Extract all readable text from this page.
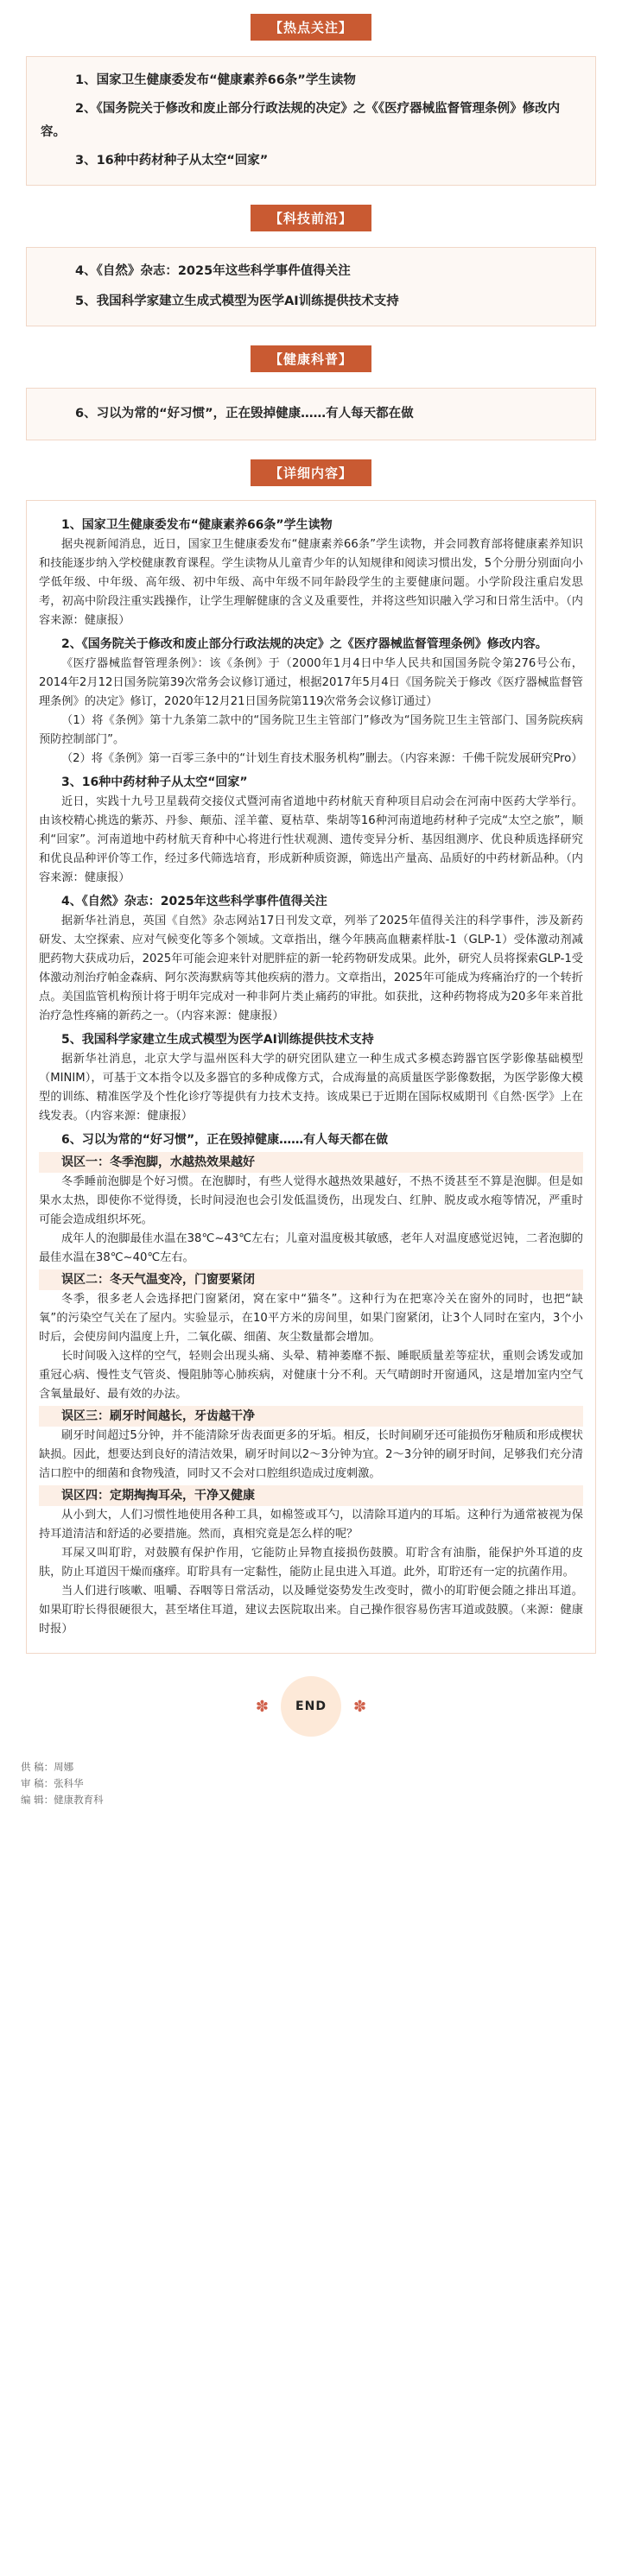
【热点关注】
1、国家卫生健康委发布“健康素养66条”学生读物
2、《国务院关于修改和废止部分行政法规的决定》之《《医疗器械监督管理条例》修改内容。
3、16种中药材种子从太空“回家”
【科技前沿】
4、《自然》杂志：2025年这些科学事件值得关注
5、我国科学家建立生成式模型为医学AI训练提供技术支持
【健康科普】
6、习以为常的“好习惯”，正在毁掉健康……有人每天都在做
【详细内容】

1、国家卫生健康委发布“健康素养66条”学生读物

据央视新闻消息，近日，国家卫生健康委发布“健康素养66条”学生读物，并会同教育部将健康素养知识和技能逐步纳入学校健康教育课程。学生读物从儿童青少年的认知规律和阅读习惯出发，5个分册分别面向小学低年级、中年级、高年级、初中年级、高中年级不同年龄段学生的主要健康问题。小学阶段注重启发思考，初高中阶段注重实践操作，让学生理解健康的含义及重要性，并将这些知识融入学习和日常生活中。（内容来源：健康报）

2、《国务院关于修改和废止部分行政法规的决定》之《医疗器械监督管理条例》修改内容。

《医疗器械监督管理条例》：该《条例》于（2000年1月4日中华人民共和国国务院令第276号公布，2014年2月12日国务院第39次常务会议修订通过，根据2017年5月4日《国务院关于修改《医疗器械监督管理条例》的决定》修订，2020年12月21日国务院第119次常务会议修订通过）

（1）将《条例》第十九条第二款中的“国务院卫生主管部门”修改为“国务院卫生主管部门、国务院疾病预防控制部门”。

（2）将《条例》第一百零三条中的“计划生育技术服务机构”删去。（内容来源：千佛千院发展研究Pro）

3、16种中药材种子从太空“回家”

近日，实践十九号卫星载荷交接仪式暨河南省道地中药材航天育种项目启动会在河南中医药大学举行。由该校精心挑选的紫苏、丹参、颠茄、淫羊藿、夏枯草、柴胡等16种河南道地药材种子完成“太空之旅”，顺利“回家”。河南道地中药材航天育种中心将进行性状观测、遗传变异分析、基因组测序、优良种质选择研究和优良品种评价等工作，经过多代筛选培育，形成新种质资源，筛选出产量高、品质好的中药材新品种。（内容来源：健康报）

4、《自然》杂志：2025年这些科学事件值得关注

据新华社消息，英国《自然》杂志网站17日刊发文章，列举了2025年值得关注的科学事件，涉及新药研发、太空探索、应对气候变化等多个领域。文章指出，继今年胰高血糖素样肽-1（GLP-1）受体激动剂减肥药物大获成功后，2025年可能会迎来针对肥胖症的新一轮药物研发成果。此外，研究人员将探索GLP-1受体激动剂治疗帕金森病、阿尔茨海默病等其他疾病的潜力。文章指出，2025年可能成为疼痛治疗的一个转折点。美国监管机构预计将于明年完成对一种非阿片类止痛药的审批。如获批，这种药物将成为20多年来首批治疗急性疼痛的新药之一。（内容来源：健康报）

5、我国科学家建立生成式模型为医学AI训练提供技术支持

据新华社消息，北京大学与温州医科大学的研究团队建立一种生成式多模态跨器官医学影像基础模型（MINIM），可基于文本指令以及多器官的多种成像方式，合成海量的高质量医学影像数据，为医学影像大模型的训练、精准医学及个性化诊疗等提供有力技术支持。该成果已于近期在国际权威期刊《自然·医学》上在线发表。（内容来源：健康报）

6、习以为常的“好习惯”，正在毁掉健康……有人每天都在做

误区一：冬季泡脚，水越热效果越好

冬季睡前泡脚是个好习惯。在泡脚时，有些人觉得水越热效果越好，不热不烫甚至不算是泡脚。但是如果水太热，即使你不觉得烫，长时间浸泡也会引发低温烫伤，出现发白、红肿、脱皮或水疱等情况，严重时可能会造成组织坏死。

成年人的泡脚最佳水温在38℃~43℃左右；儿童对温度极其敏感，老年人对温度感觉迟钝，二者泡脚的最佳水温在38℃~40℃左右。

误区二：冬天气温变冷，门窗要紧闭

冬季，很多老人会选择把门窗紧闭，窝在家中“猫冬”。这种行为在把寒冷关在窗外的同时，也把“缺氧”的污染空气关在了屋内。实验显示，在10平方米的房间里，如果门窗紧闭，让3个人同时在室内，3个小时后，会使房间内温度上升，二氧化碳、细菌、灰尘数量都会增加。

长时间吸入这样的空气，轻则会出现头痛、头晕、精神萎靡不振、睡眠质量差等症状，重则会诱发或加重冠心病、慢性支气管炎、慢阻肺等心肺疾病，对健康十分不利。天气晴朗时开窗通风，这是增加室内空气含氧量最好、最有效的办法。

误区三：刷牙时间越长，牙齿越干净

刷牙时间超过5分钟，并不能清除牙齿表面更多的牙垢。相反，长时间刷牙还可能损伤牙釉质和形成楔状缺损。因此，想要达到良好的清洁效果，刷牙时间以2～3分钟为宜。2～3分钟的刷牙时间，足够我们充分清洁口腔中的细菌和食物残渣，同时又不会对口腔组织造成过度刺激。

误区四：定期掏掏耳朵，干净又健康

从小到大，人们习惯性地使用各种工具，如棉签或耳勺，以清除耳道内的耳垢。这种行为通常被视为保持耳道清洁和舒适的必要措施。然而，真相究竟是怎么样的呢？

耳屎又叫耵聍，对鼓膜有保护作用，它能防止异物直接损伤鼓膜。耵聍含有油脂，能保护外耳道的皮肤，防止耳道因干燥而瘙痒。耵聍具有一定黏性，能防止昆虫进入耳道。此外，耵聍还有一定的抗菌作用。

当人们进行咳嗽、咀嚼、吞咽等日常活动，以及睡觉姿势发生改变时，微小的耵聍便会随之排出耳道。如果耵聍长得很硬很大，甚至堵住耳道，建议去医院取出来。自己操作很容易伤害耳道或鼓膜。（来源：健康时报）

✽ END ✽
供 稿：周娜
审 稿：张科华
编 辑：健康教育科
